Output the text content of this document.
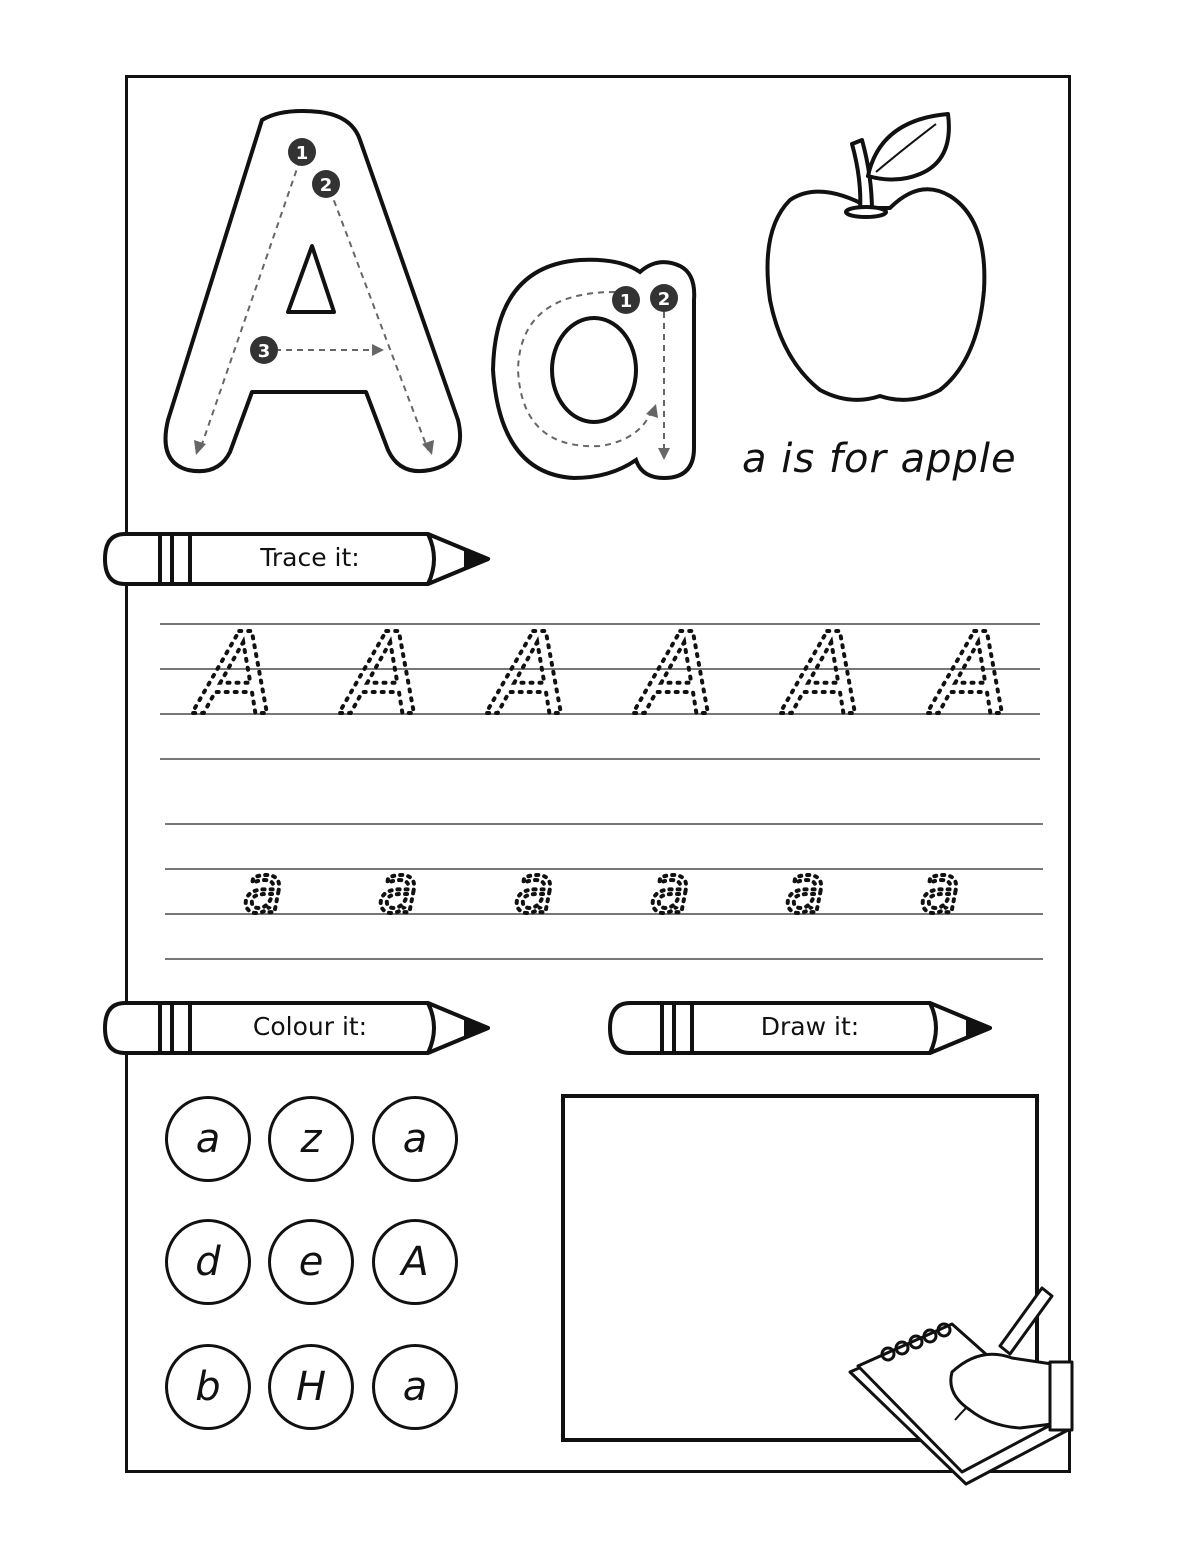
1
2
3
1 2
A A A A A A
a a a a a a
a is for apple
Trace it:
Colour it:	Draw it:
a	z	a
d	e	A
b	H	a
